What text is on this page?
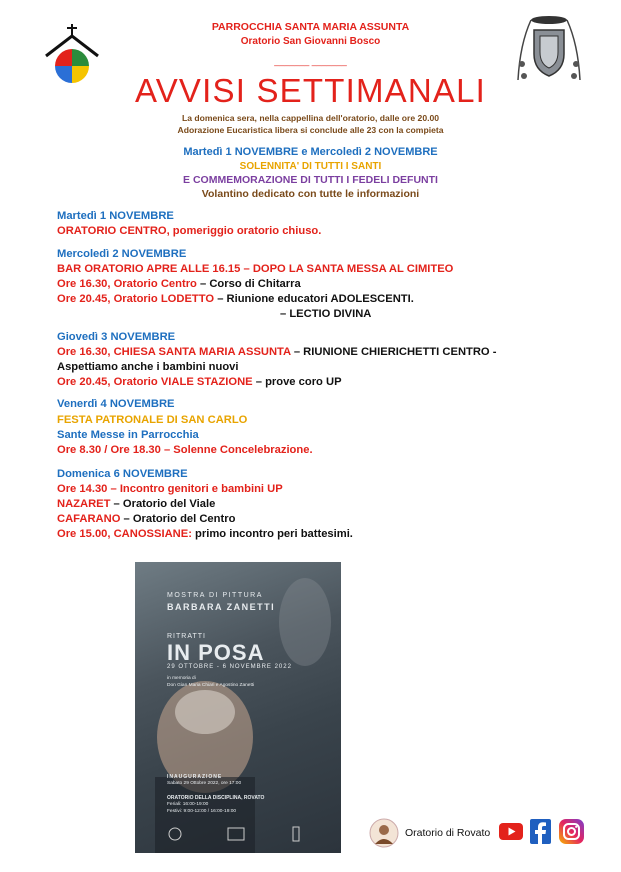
PARROCCHIA SANTA MARIA ASSUNTA
Oratorio San Giovanni Bosco
_______ _______
AVVISI SETTIMANALI
La domenica sera, nella cappellina dell'oratorio, dalle ore 20.00
Adorazione Eucaristica libera si conclude alle 23 con la compieta
Martedì 1 NOVEMBRE e Mercoledì 2 NOVEMBRE
SOLENNITA' DI TUTTI I SANTI
E COMMEMORAZIONE DI TUTTI I FEDELI DEFUNTI
Volantino dedicato con tutte le informazioni
Martedì 1 NOVEMBRE
ORATORIO CENTRO, pomeriggio oratorio chiuso.
Mercoledì 2 NOVEMBRE
BAR ORATORIO APRE ALLE 16.15 – DOPO LA SANTA MESSA AL CIMITEO
Ore 16.30, Oratorio Centro – Corso di Chitarra
Ore 20.45, Oratorio LODETTO – Riunione educatori ADOLESCENTI.
– LECTIO DIVINA
Giovedì 3 NOVEMBRE
Ore 16.30, CHIESA SANTA MARIA ASSUNTA – RIUNIONE CHIERICHETTI CENTRO -
Aspettiamo anche i bambini nuovi
Ore 20.45, Oratorio VIALE STAZIONE – prove coro UP
Venerdì 4 NOVEMBRE
FESTA PATRONALE DI SAN CARLO
Sante Messe in Parrocchia
Ore 8.30 / Ore 18.30 – Solenne Concelebrazione.
Domenica 6 NOVEMBRE
Ore 14.30 – Incontro genitori e bambini UP
NAZARET – Oratorio del Viale
CAFARANO – Oratorio del Centro
Ore 15.00, CANOSSIANE: primo incontro peri battesimi.
MOSTRA DI PITTURA
BARBARA ZANETTI
RITRATTI
IN POSA
29 OTTOBRE - 6 NOVEMBRE 2022
in memoria di
Don Gian Maria Chiari e Agostino Zanetti
INAUGURAZIONE
Sabato 29 Ottobre 2022, ore 17:00
ORATORIO DELLA DISCIPLINA, ROVATO
Feriali: 16:00-19:00
Festivi: 9:00-12:00 / 16:00-19:00
Oratorio di Rovato
